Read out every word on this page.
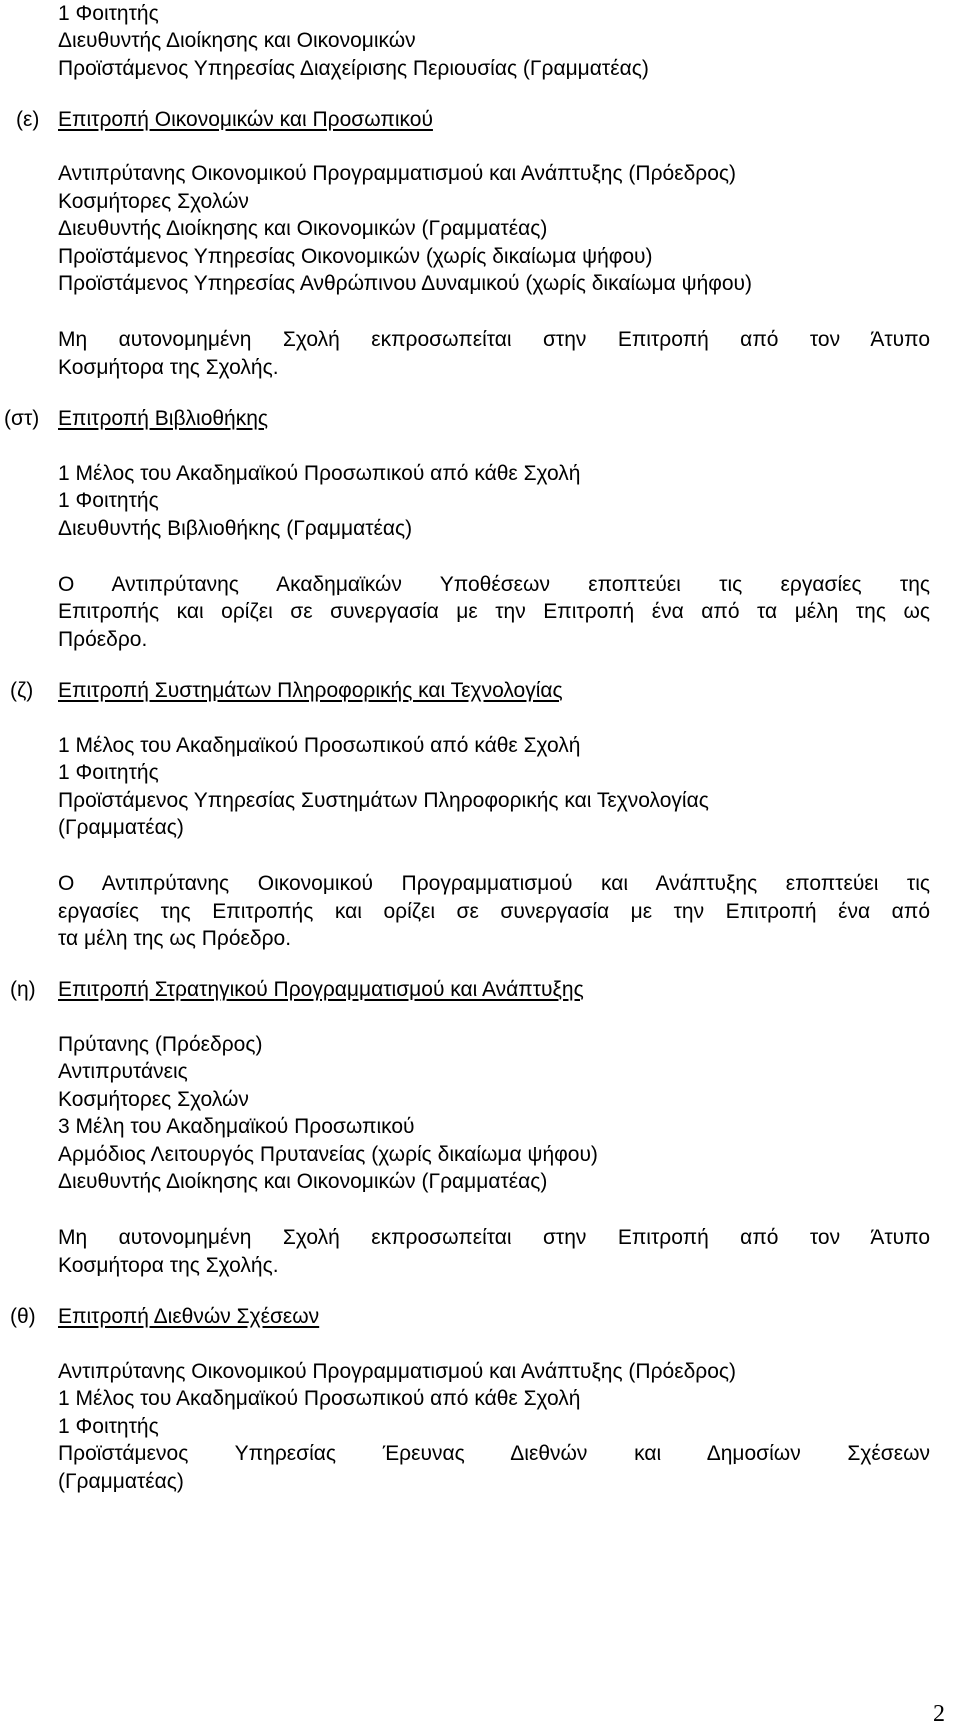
1 Φοιτητής
Διευθυντής Διοίκησης και Οικονομικών
Προϊστάμενος Υπηρεσίας Διαχείρισης Περιουσίας (Γραμματέας)
(ε) Επιτροπή Οικονομικών και Προσωπικού
Αντιπρύτανης Οικονομικού Προγραμματισμού και Ανάπτυξης (Πρόεδρος)
Κοσμήτορες Σχολών
Διευθυντής Διοίκησης και Οικονομικών (Γραμματέας)
Προϊστάμενος Υπηρεσίας Οικονομικών (χωρίς δικαίωμα ψήφου)
Προϊστάμενος Υπηρεσίας Ανθρώπινου Δυναμικού (χωρίς δικαίωμα ψήφου)
Μη αυτονομημένη Σχολή εκπροσωπείται στην Επιτροπή από τον Άτυπο
Κοσμήτορα της Σχολής.
(στ) Επιτροπή Βιβλιοθήκης
1 Μέλος του Ακαδημαϊκού Προσωπικού από κάθε Σχολή
1 Φοιτητής
Διευθυντής Βιβλιοθήκης (Γραμματέας)
Ο Αντιπρύτανης Ακαδημαϊκών Υποθέσεων εποπτεύει τις εργασίες της
Επιτροπής και ορίζει σε συνεργασία με την Επιτροπή ένα από τα μέλη της ως
Πρόεδρο.
(ζ) Επιτροπή Συστημάτων Πληροφορικής και Τεχνολογίας
1 Μέλος του Ακαδημαϊκού Προσωπικού από κάθε Σχολή
1 Φοιτητής
Προϊστάμενος Υπηρεσίας Συστημάτων Πληροφορικής και Τεχνολογίας
(Γραμματέας)
Ο Αντιπρύτανης Οικονομικού Προγραμματισμού και Ανάπτυξης εποπτεύει τις
εργασίες της Επιτροπής και ορίζει σε συνεργασία με την Επιτροπή ένα από
τα μέλη της ως Πρόεδρο.
(η) Επιτροπή Στρατηγικού Προγραμματισμού και Ανάπτυξης
Πρύτανης (Πρόεδρος)
Αντιπρυτάνεις
Κοσμήτορες Σχολών
3 Μέλη του Ακαδημαϊκού Προσωπικού
Αρμόδιος Λειτουργός Πρυτανείας (χωρίς δικαίωμα ψήφου)
Διευθυντής Διοίκησης και Οικονομικών (Γραμματέας)
Μη αυτονομημένη Σχολή εκπροσωπείται στην Επιτροπή από τον Άτυπο
Κοσμήτορα της Σχολής.
(θ) Επιτροπή Διεθνών Σχέσεων
Αντιπρύτανης Οικονομικού Προγραμματισμού και Ανάπτυξης (Πρόεδρος)
1 Μέλος του Ακαδημαϊκού Προσωπικού από κάθε Σχολή
1 Φοιτητής
Προϊστάμενος Υπηρεσίας Έρευνας Διεθνών και Δημοσίων Σχέσεων
(Γραμματέας)
2
